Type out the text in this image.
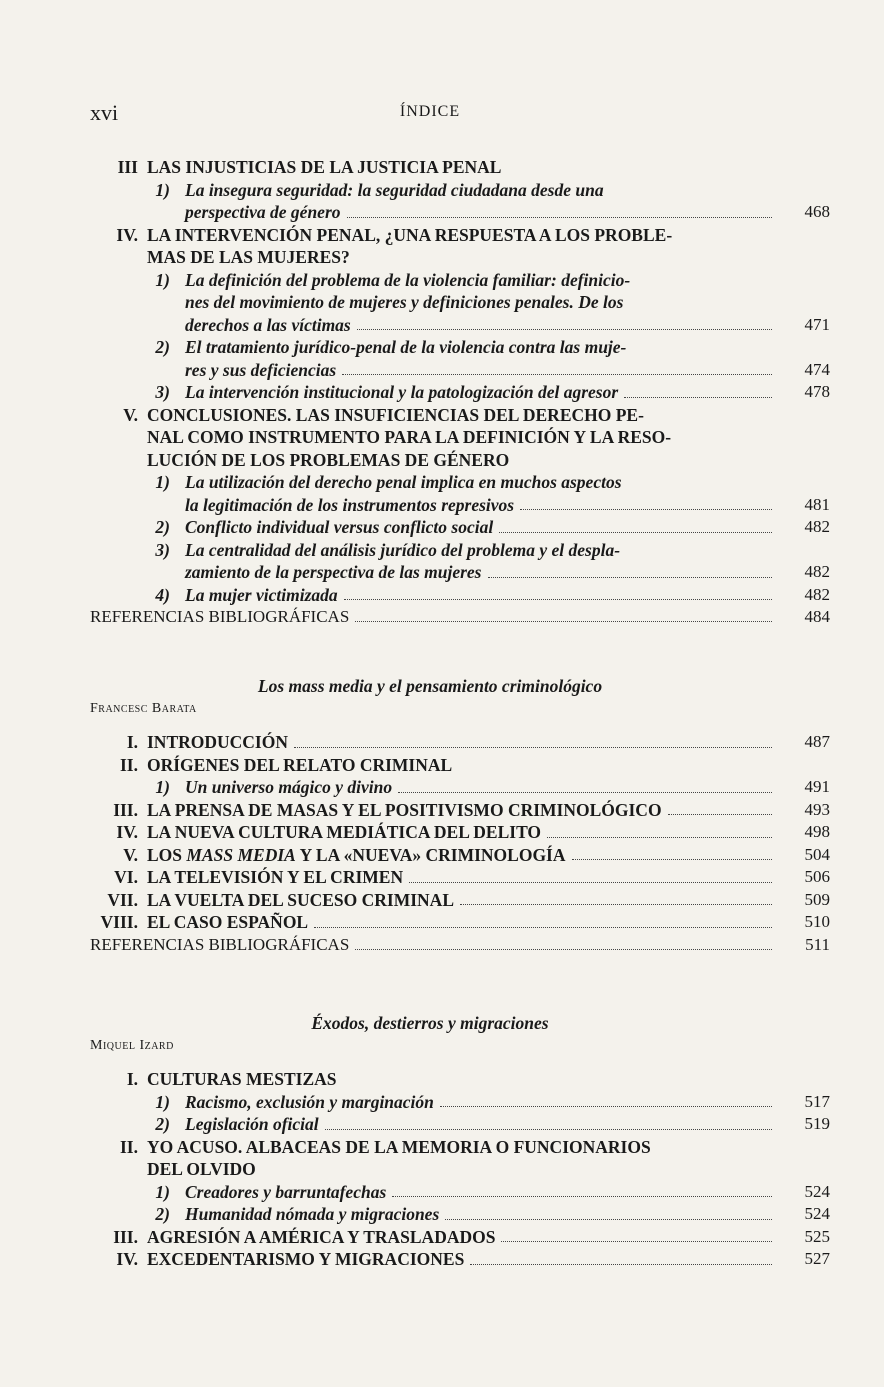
xvi	ÍNDICE
III LAS INJUSTICIAS DE LA JUSTICIA PENAL
1) La insegura seguridad: la seguridad ciudadana desde una
perspectiva de género	468
IV. LA INTERVENCIÓN PENAL, ¿UNA RESPUESTA A LOS PROBLE-
MAS DE LAS MUJERES?
1) La definición del problema de la violencia familiar: definicio-
nes del movimiento de mujeres y definiciones penales. De los
derechos a las víctimas	471
2) El tratamiento jurídico-penal de la violencia contra las muje-
res y sus deficiencias	474
3) La intervención institucional y la patologización del agresor	478
V. CONCLUSIONES. LAS INSUFICIENCIAS DEL DERECHO PE-
NAL COMO INSTRUMENTO PARA LA DEFINICIÓN Y LA RESO-
LUCIÓN DE LOS PROBLEMAS DE GÉNERO
1) La utilización del derecho penal implica en muchos aspectos
la legitimación de los instrumentos represivos	481
2) Conflicto individual versus conflicto social	482
3) La centralidad del análisis jurídico del problema y el despla-
zamiento de la perspectiva de las mujeres	482
4) La mujer victimizada	482
REFERENCIAS BIBLIOGRÁFICAS	484
Los mass media y el pensamiento criminológico
Francesc Barata
I. INTRODUCCIÓN	487
II. ORÍGENES DEL RELATO CRIMINAL
1) Un universo mágico y divino	491
III. LA PRENSA DE MASAS Y EL POSITIVISMO CRIMINOLÓGICO	493
IV. LA NUEVA CULTURA MEDIÁTICA DEL DELITO	498
V. LOS MASS MEDIA Y LA «NUEVA» CRIMINOLOGÍA	504
VI. LA TELEVISIÓN Y EL CRIMEN	506
VII. LA VUELTA DEL SUCESO CRIMINAL	509
VIII. EL CASO ESPAÑOL	510
REFERENCIAS BIBLIOGRÁFICAS	511
Éxodos, destierros y migraciones
Miquel Izard
I. CULTURAS MESTIZAS
1) Racismo, exclusión y marginación	517
2) Legislación oficial	519
II. YO ACUSO. ALBACEAS DE LA MEMORIA O FUNCIONARIOS
DEL OLVIDO
1) Creadores y barruntafechas	524
2) Humanidad nómada y migraciones	524
III. AGRESIÓN A AMÉRICA Y TRASLADADOS	525
IV. EXCEDENTARISMO Y MIGRACIONES	527
